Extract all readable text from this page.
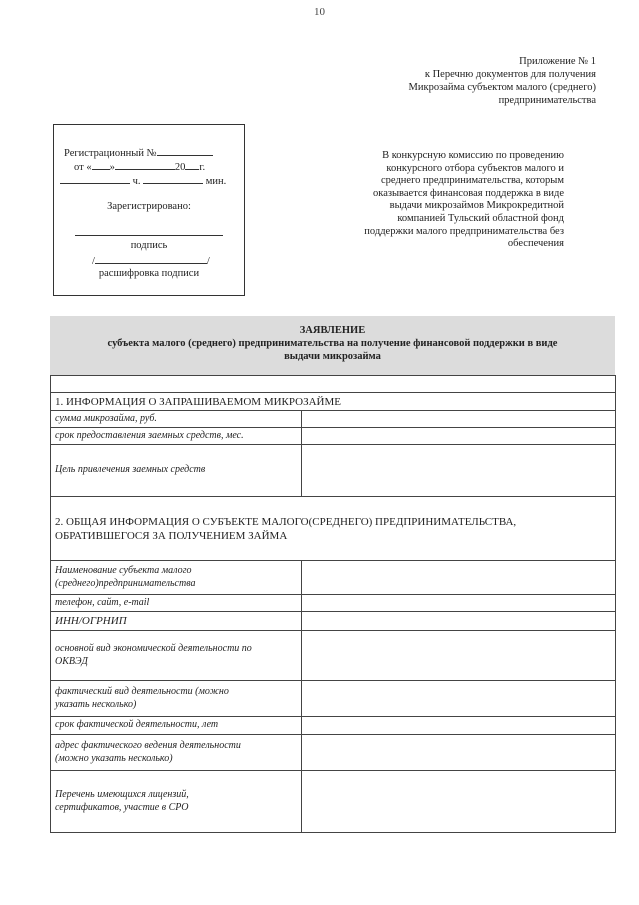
10
Приложение № 1
к Перечню документов для получения
Микрозайма субъектом малого (среднего)
предпринимательства
Регистрационный №
от « »	20 г.
ч.	мин.
Зарегистрировано:
подпись
/	/
расшифровка подписи
В конкурсную комиссию по проведению
конкурсного отбора субъектов малого и
среднего предпринимательства, которым
оказывается финансовая поддержка в виде
выдачи микрозаймов Микрокредитной
компанией Тульский областной фонд
поддержки малого предпринимательства без
обеспечения
ЗАЯВЛЕНИЕ
субъекта малого (среднего) предпринимательства на получение финансовой поддержки в виде
выдачи микрозайма

1. ИНФОРМАЦИЯ О ЗАПРАШИВАЕМОМ МИКРОЗАЙМЕ	
сумма микрозайма, руб.	
срок предоставления заемных средств, мес.	
Цель привлечения заемных средств	

2. ОБЩАЯ ИНФОРМАЦИЯ О СУБЪЕКТЕ МАЛОГО(СРЕДНЕГО) ПРЕДПРИНИМАТЕЛЬСТВА,
ОБРАТИВШЕГОСЯ ЗА ПОЛУЧЕНИЕМ ЗАЙМА	

Наименование субъекта малого
(среднего)предпринимательства	

телефон, сайт, e-mail	
ИНН/ОГРНИП	

основной вид экономической деятельности по
ОКВЭД	

фактический вид деятельности (можно
указать несколько)	

срок фактической деятельности, лет	

адрес фактического ведения деятельности
(можно указать несколько)	

Перечень имеющихся лицензий,
сертификатов, участие в СРО	
